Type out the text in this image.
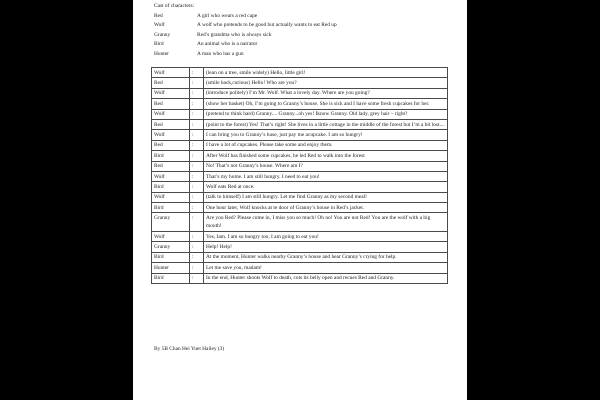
Cast of characters:
Red	A girl who wears a red cape
Wolf	A wolf who pretends to be good but actually wants to eat Red up
Granny	Red’s grandma who is always sick
Bird	An animal who is a narrator
Hunter	A man who has a gun
Wolf	:	(lean on a tree, smile widely) Hello, little girl!
Red	:	(smile back,curious) Hello! Who are you?
Wolf	:	(introduce politely) I’m Mr. Wolf. What a lovely day. Where are you going?
Red	:	(show her basket) Oh, I’m going to Granny’s house. She is sick and I have some fresh cupcakes for her.
Wolf	:	(pretend to think hard) Granny.... Granny...oh yes! Iknow Granny. Old lady, grey hair – right?
Red	:	(point to the forest) Yes! That’s right! She lives in a little cottage in the middle of the forest but I’m a bit lost....
Wolf	:	I can bring you to Granny’s huse, just pay me acupcake. I am so hungry!
Red	:	I have a lot of cupcakes. Please take some and enjoy them.
Bird	:	After Wolf has finished some cupcakes, he led Red to walk into the forest
Red	:	No! That’s not Granny’s house. Where am I?
Wolf	:	That’s my home. I am still hungry. I need to eat you!
Bird	:	Wolf eats Red at once.
Wolf	:	(talk to himself) I am still hungry. Let me find Granny as my second meal!
Bird	:	One hour later, Wolf knocks at te door of Granny’s house in Red’s jacket.
Granny	:	Are you Red? Please come in, I miss you so much! Oh no! You are not Red! You are the wolf with a big mouth!
Wolf	:	Yes, Iam. I am so hungry too, I am going to eat you!
Granny	:	Help! Help!
Bird	:	At the moment, Hunter walks nearby Granny’s house and hear Granny’s crying for help.
Hunter	:	Let me save you, madam!
Bird	:	In the end, Hunter shoots Wolf to death, cuts its belly open and recues Red and Granny.
By 5B Chan Hei Yuet Hailey (3)
